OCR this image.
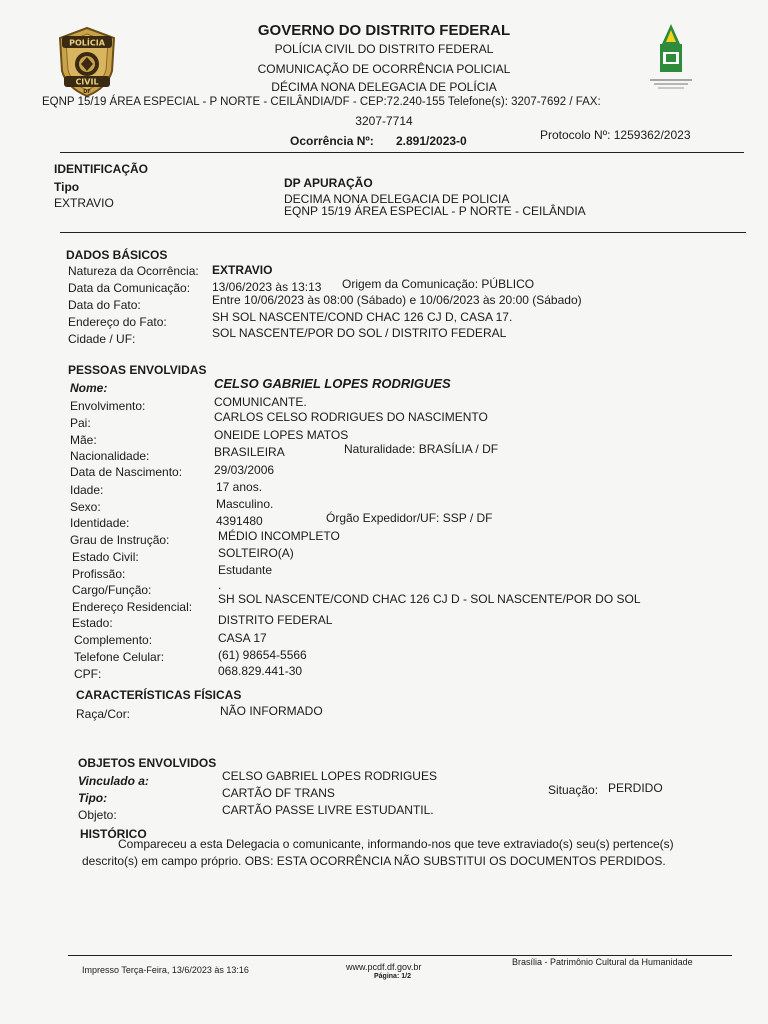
POLÍCIA
CIVIL
DF
GOVERNO DO DISTRITO FEDERAL
POLÍCIA CIVIL DO DISTRITO FEDERAL
COMUNICAÇÃO DE OCORRÊNCIA POLICIAL
DÉCIMA NONA DELEGACIA DE POLÍCIA
EQNP 15/19 ÁREA ESPECIAL - P NORTE - CEILÂNDIA/DF - CEP:72.240-155 Telefone(s): 3207-7692 / FAX:
3207-7714
Ocorrência Nº: 2.891/2023-0	Protocolo Nº: 1259362/2023
IDENTIFICAÇÃO
Tipo
EXTRAVIO
DP APURAÇÃO
DECIMA NONA DELEGACIA DE POLICIA
EQNP 15/19 ÁREA ESPECIAL - P NORTE - CEILÂNDIA
DADOS BÁSICOS
Natureza da Ocorrência: EXTRAVIO
Data da Comunicação: 13/06/2023 às 13:13 Origem da Comunicação: PÚBLICO
Data do Fato:	Entre 10/06/2023 às 08:00 (Sábado) e 10/06/2023 às 20:00 (Sábado)
Endereço do Fato:	SH SOL NASCENTE/COND CHAC 126 CJ D, CASA 17.
Cidade / UF:	SOL NASCENTE/POR DO SOL / DISTRITO FEDERAL
PESSOAS ENVOLVIDAS
Nome:	CELSO GABRIEL LOPES RODRIGUES
Envolvimento:	COMUNICANTE.
Pai:	CARLOS CELSO RODRIGUES DO NASCIMENTO
Mãe:	ONEIDE LOPES MATOS
Nacionalidade:	BRASILEIRA	Naturalidade: BRASÍLIA / DF
Data de Nascimento:	29/03/2006
Idade:	17 anos.
Sexo:	Masculino.
Identidade:	4391480	Órgão Expedidor/UF: SSP / DF
Grau de Instrução:	MÉDIO INCOMPLETO
Estado Civil:	SOLTEIRO(A)
Profissão:	Estudante
Cargo/Função:	.
Endereço Residencial:
SH SOL NASCENTE/COND CHAC 126 CJ D - SOL NASCENTE/POR DO SOL
Estado:	DISTRITO FEDERAL
Complemento:	CASA 17
Telefone Celular:	(61) 98654-5566
CPF:	068.829.441-30
CARACTERÍSTICAS FÍSICAS
Raça/Cor:	NÃO INFORMADO
OBJETOS ENVOLVIDOS
Vinculado a:	CELSO GABRIEL LOPES RODRIGUES
Tipo:	CARTÃO DF TRANS
Objeto:	CARTÃO PASSE LIVRE ESTUDANTIL.
Situação: PERDIDO
HISTÓRICO
Compareceu a esta Delegacia o comunicante, informando-nos que teve extraviado(s) seu(s) pertence(s)
descrito(s) em campo próprio. OBS: ESTA OCORRÊNCIA NÃO SUBSTITUI OS DOCUMENTOS PERDIDOS.
Impresso Terça-Feira, 13/6/2023 às 13:16	www.pcdf.df.gov.br
Página: 1/2
Brasília - Patrimônio Cultural da Humanidade
